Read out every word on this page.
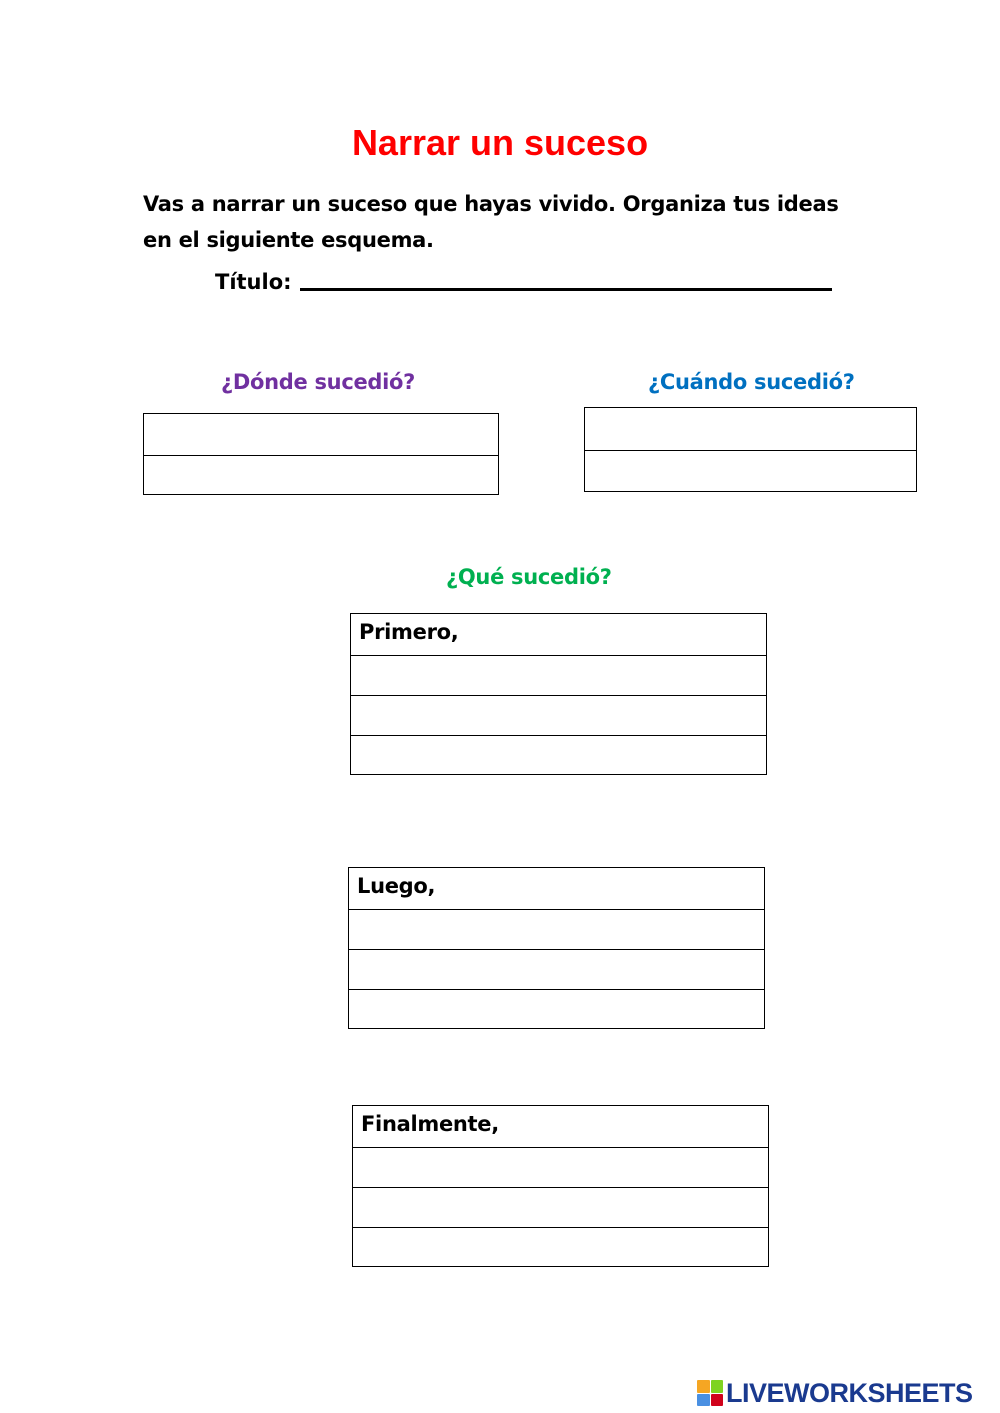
Narrar un suceso
Vas a narrar un suceso que hayas vivido. Organiza tus ideas en el siguiente esquema.
Título:
¿Dónde sucedió?	¿Cuándo sucedió?
¿Qué sucedió?
Primero,
Luego,
Finalmente,
LIVEWORKSHEETS
